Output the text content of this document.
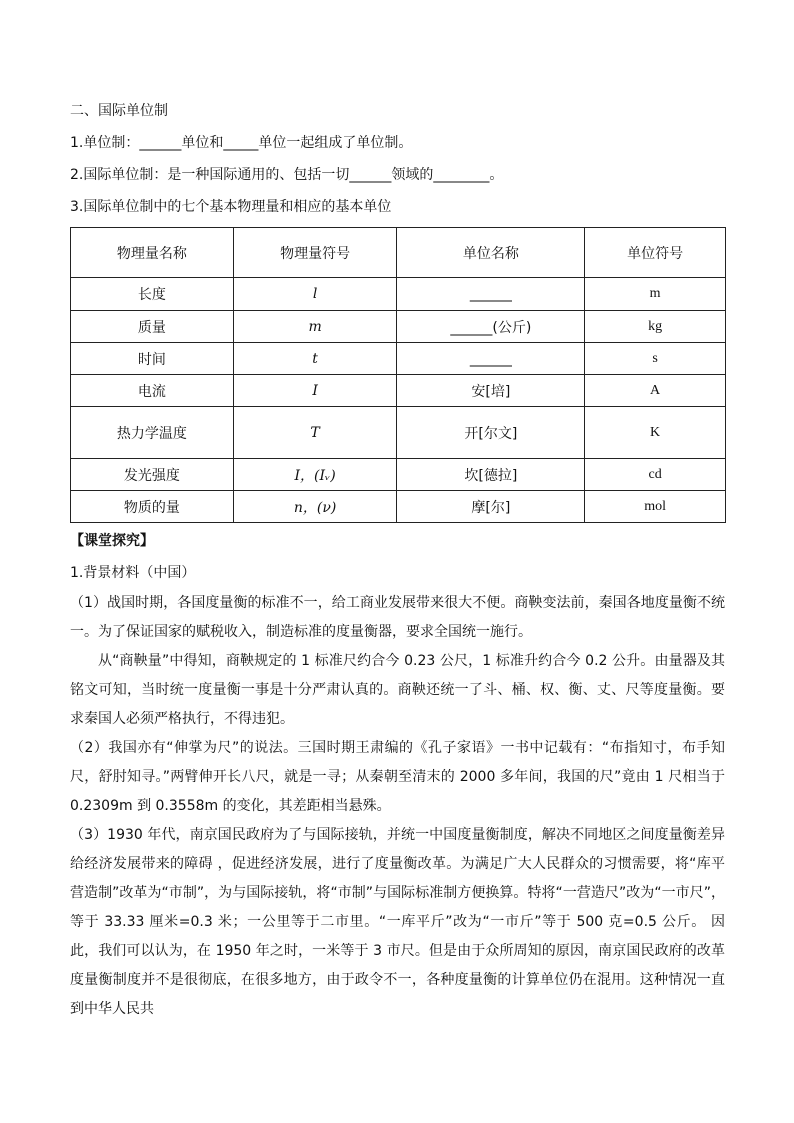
二、国际单位制
1.单位制：______单位和_____单位一起组成了单位制。
2.国际单位制：是一种国际通用的、包括一切______领域的________。
3.国际单位制中的七个基本物理量和相应的基本单位
物理量名称	物理量符号	单位名称	单位符号
长度	l	______	m
质量	m	______(公斤)	kg
时间	t	______	s
电流	I	安[培]	A
热力学温度	T	开[尔文]	K
发光强度	I，(Iᵥ)	坎[德拉]	cd
物质的量	n，(ν)	摩[尔]	mol
【课堂探究】
1.背景材料（中国）

（1）战国时期，各国度量衡的标准不一，给工商业发展带来很大不便。商鞅变法前，秦国各地度量衡不统一。为了保证国家的赋税收入，制造标准的度量衡器，要求全国统一施行。

从“商鞅量”中得知，商鞅规定的 1 标准尺约合今 0.23 公尺，1 标准升约合今 0.2 公升。由量器及其铭文可知，当时统一度量衡一事是十分严肃认真的。商鞅还统一了斗、桶、权、衡、丈、尺等度量衡。要求秦国人必须严格执行，不得违犯。

（2）我国亦有“伸掌为尺”的说法。三国时期王肃编的《孔子家语》一书中记载有：“布指知寸，布手知尺，舒肘知寻。”两臂伸开长八尺，就是一寻；从秦朝至清末的 2000 多年间，我国的尺”竟由 1 尺相当于 0.2309m 到 0.3558m 的变化，其差距相当悬殊。

（3）1930 年代，南京国民政府为了与国际接轨，并统一中国度量衡制度，解决不同地区之间度量衡差异给经济发展带来的障碍 ，促进经济发展，进行了度量衡改革。为满足广大人民群众的习惯需要，将“库平营造制”改革为“市制”，为与国际接轨，将“市制”与国际标准制方便换算。特将“一营造尺”改为“一市尺”，等于 33.33 厘米=0.3 米；一公里等于二市里。“一库平斤”改为“一市斤”等于 500 克=0.5 公斤。 因此，我们可以认为，在 1950 年之时，一米等于 3 市尺。但是由于众所周知的原因，南京国民政府的改革度量衡制度并不是很彻底，在很多地方，由于政令不一，各种度量衡的计算单位仍在混用。这种情况一直到中华人民共
